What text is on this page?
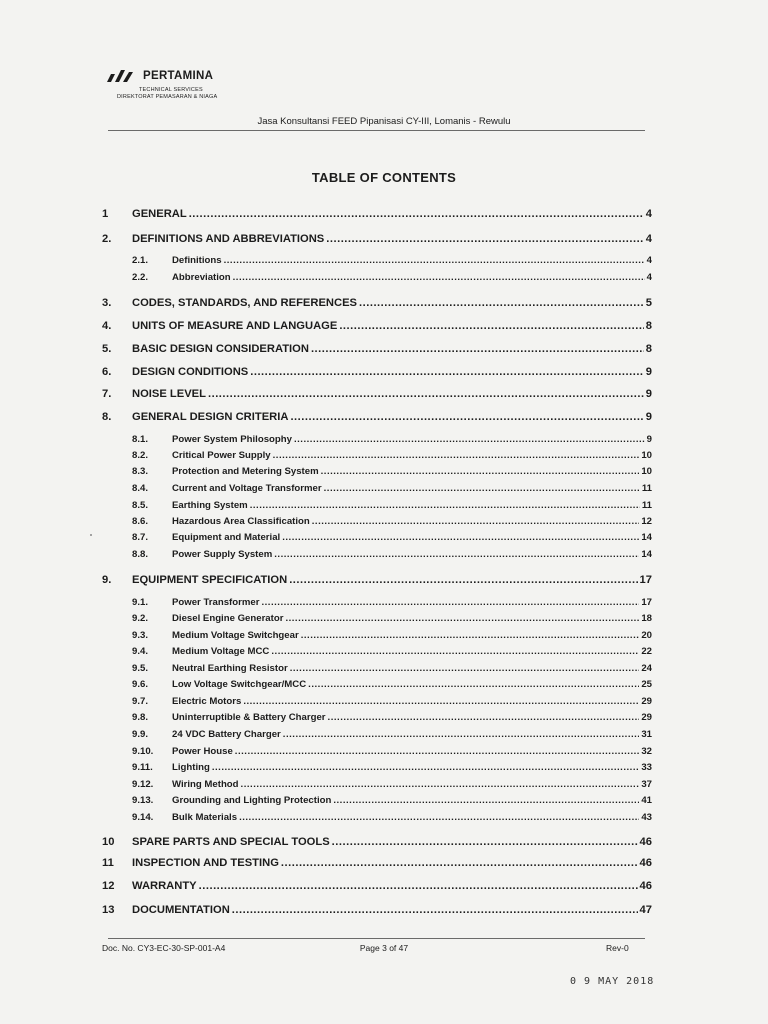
PERTAMINA
TECHNICAL SERVICES
DIREKTORAT PEMASARAN & NIAGA
Jasa Konsultansi FEED Pipanisasi CY-III, Lomanis - Rewulu
TABLE OF CONTENTS
1	GENERAL .....	4
2.	DEFINITIONS AND ABBREVIATIONS .....	4
2.1.	Definitions .....	4
2.2.	Abbreviation .....	4
3.	CODES, STANDARDS, AND REFERENCES .....	5
4.	UNITS OF MEASURE AND LANGUAGE .....	8
5.	BASIC DESIGN CONSIDERATION .....	8
6.	DESIGN CONDITIONS .....	9
7.	NOISE LEVEL .....	9
8.	GENERAL DESIGN CRITERIA .....	9
8.1.	Power System Philosophy .....	9
8.2.	Critical Power Supply .....	10
8.3.	Protection and Metering System .....	10
8.4.	Current and Voltage Transformer .....	11
8.5.	Earthing System .....	11
8.6.	Hazardous Area Classification .....	12
8.7.	Equipment and Material .....	14
8.8.	Power Supply System .....	14
9.	EQUIPMENT SPECIFICATION .....	17
9.1.	Power Transformer .....	17
9.2.	Diesel Engine Generator .....	18
9.3.	Medium Voltage Switchgear .....	20
9.4.	Medium Voltage MCC .....	22
9.5.	Neutral Earthing Resistor .....	24
9.6.	Low Voltage Switchgear/MCC .....	25
9.7.	Electric Motors .....	29
9.8.	Uninterruptible & Battery Charger .....	29
9.9.	24 VDC Battery Charger .....	31
9.10.	Power House .....	32
9.11.	Lighting .....	33
9.12.	Wiring Method .....	37
9.13.	Grounding and Lighting Protection .....	41
9.14.	Bulk Materials .....	43
10	SPARE PARTS AND SPECIAL TOOLS .....	46
11	INSPECTION AND TESTING .....	46
12	WARRANTY .....	46
13	DOCUMENTATION .....	47
Doc. No. CY3-EC-30-SP-001-A4	Page 3 of 47	Rev-0
0 9 MAY 2018
